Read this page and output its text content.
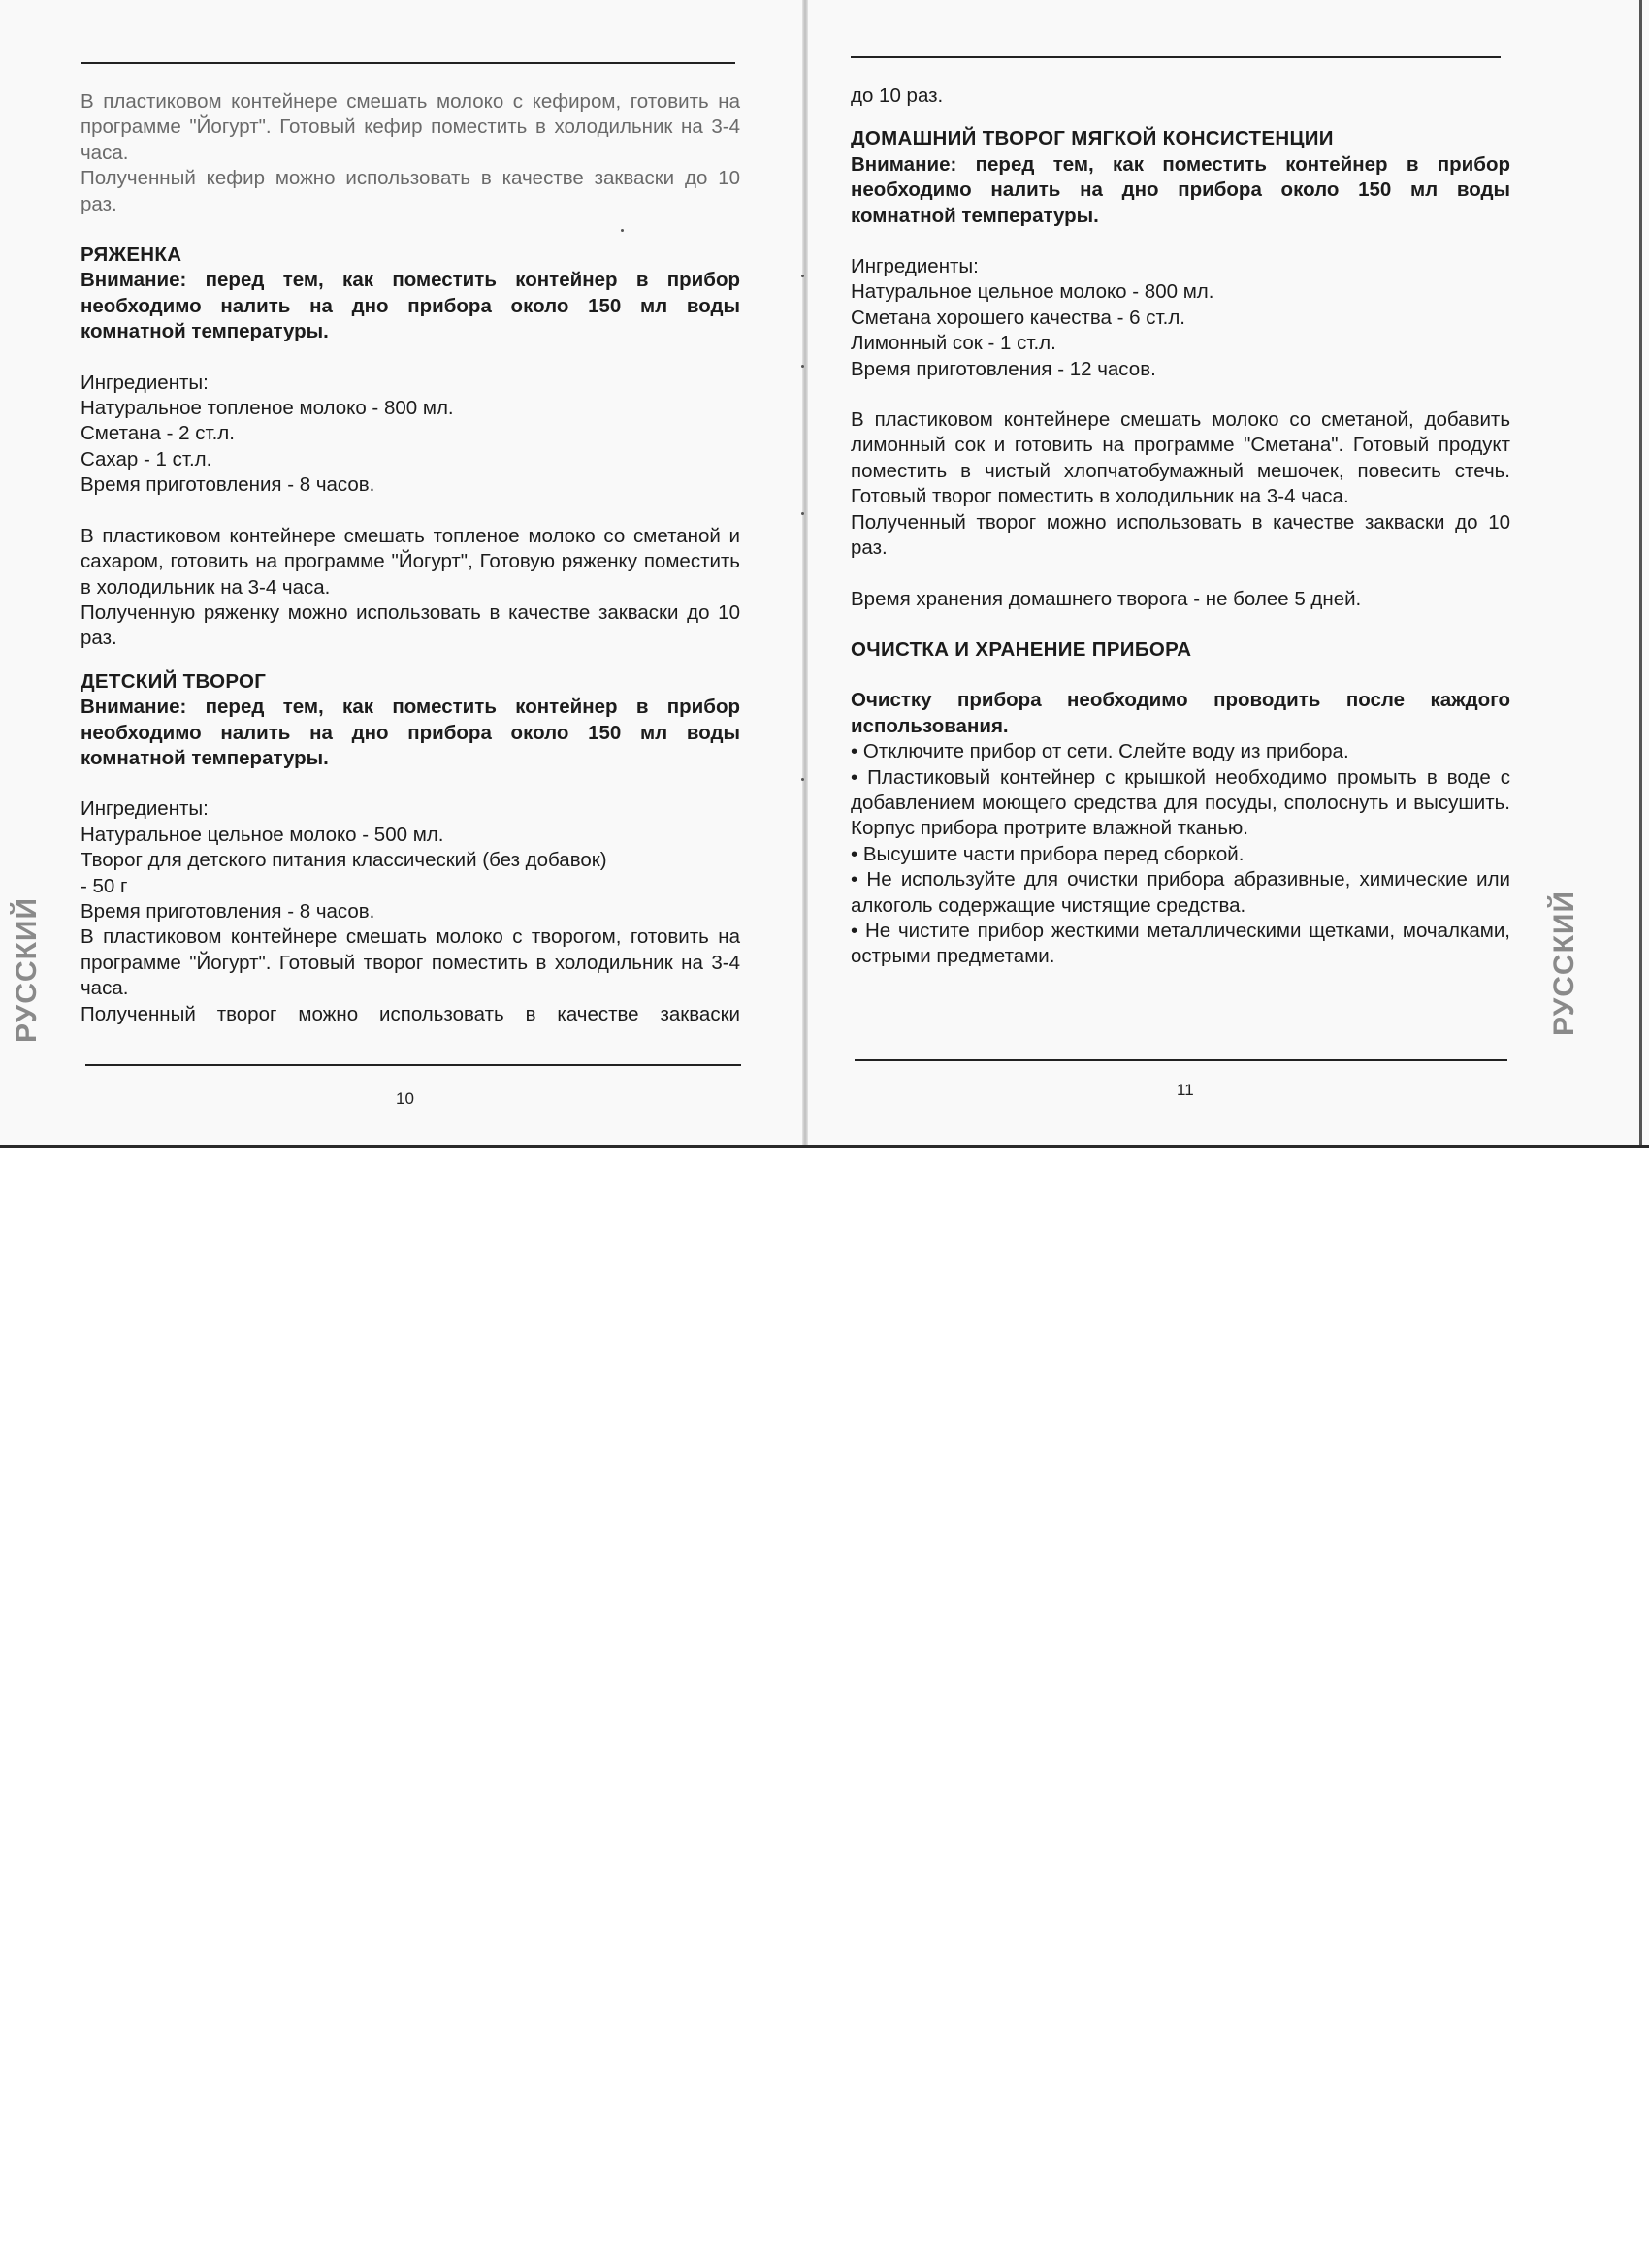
В пластиковом контейнере смешать молоко с кефиром, готовить на программе "Йогурт". Готовый кефир поместить в холодильник на 3-4 часа.

Полученный кефир можно использовать в качестве закваски до 10 раз.

РЯЖЕНКА

Внимание: перед тем, как поместить контейнер в прибор необходимо налить на дно прибора около 150 мл воды комнатной температуры.

Ингредиенты:

Натуральное топленое молоко - 800 мл.

Сметана - 2 ст.л.

Сахар - 1 ст.л.

Время приготовления - 8 часов.

В пластиковом контейнере смешать топленое молоко со сметаной и сахаром, готовить на программе "Йогурт", Готовую ряженку поместить в холодильник на 3-4 часа.

Полученную ряженку можно использовать в качестве закваски до 10 раз.

ДЕТСКИЙ ТВОРОГ

Внимание: перед тем, как поместить контейнер в прибор необходимо налить на дно прибора около 150 мл воды комнатной температуры.

Ингредиенты:

Натуральное цельное молоко - 500 мл.

Творог для детского питания классический (без добавок)

- 50 г

Время приготовления - 8 часов.

В пластиковом контейнере смешать молоко с творогом, готовить на программе "Йогурт". Готовый творог поместить в холодильник на 3-4 часа.

Полученный творог можно использовать в качестве закваски

10
РУССКИЙ

до 10 раз.

ДОМАШНИЙ ТВОРОГ МЯГКОЙ КОНСИСТЕНЦИИ

Внимание: перед тем, как поместить контейнер в прибор необходимо налить на дно прибора около 150 мл воды комнатной температуры.

Ингредиенты:

Натуральное цельное молоко - 800 мл.

Сметана хорошего качества - 6 ст.л.

Лимонный сок - 1 ст.л.

Время приготовления - 12 часов.

В пластиковом контейнере смешать молоко со сметаной, добавить лимонный сок и готовить на программе "Сметана". Готовый продукт поместить в чистый хлопчатобумажный мешочек, повесить стечь. Готовый творог поместить в холодильник на 3-4 часа.

Полученный творог можно использовать в качестве закваски до 10 раз.

Время хранения домашнего творога - не более 5 дней.

ОЧИСТКА И ХРАНЕНИЕ ПРИБОРА

Очистку прибора необходимо проводить после каждого использования.

• Отключите прибор от сети. Слейте воду из прибора.

• Пластиковый контейнер с крышкой необходимо промыть в воде с добавлением моющего средства для посуды, сполоснуть и высушить. Корпус прибора протрите влажной тканью.

• Высушите части прибора перед сборкой.

• Не используйте для очистки прибора абразивные, химические или алкоголь содержащие чистящие средства.

• Не чистите прибор жесткими металлическими щетками, мочалками, острыми предметами.

11
РУССКИЙ
